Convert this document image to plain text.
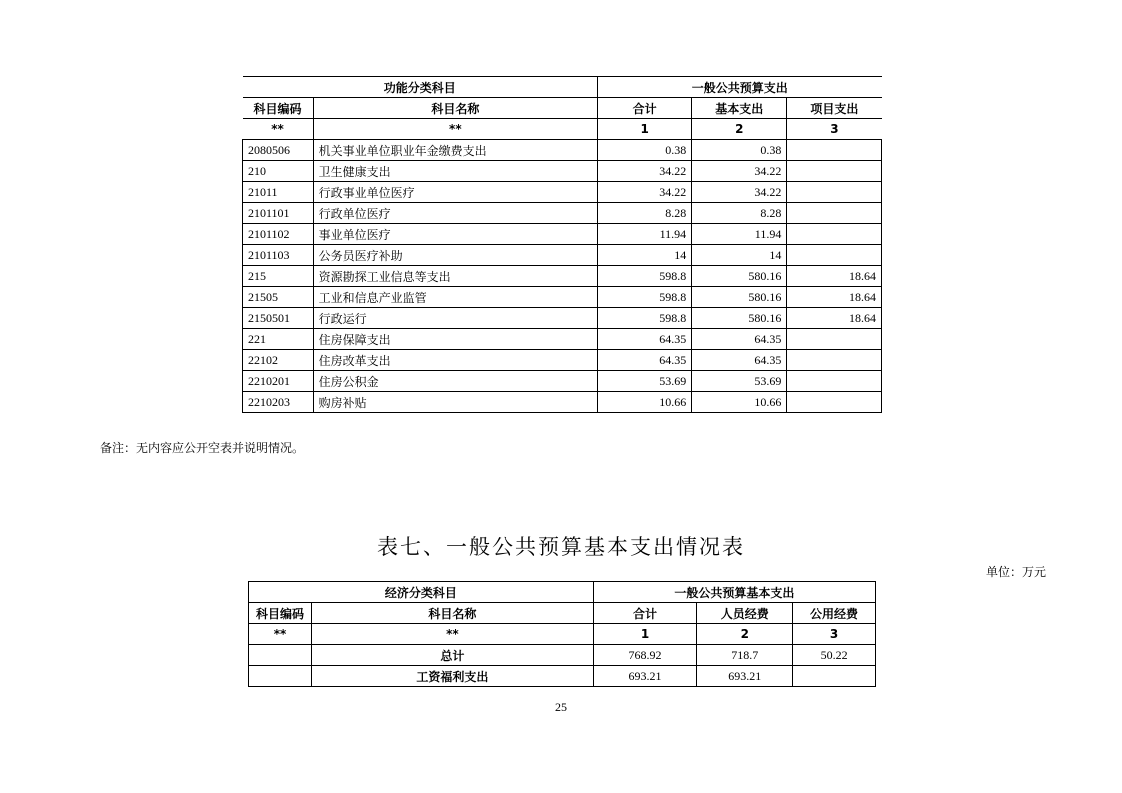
功能分类科目		一般公共预算支出		
科目编码	科目名称	合计	基本支出	项目支出
**	**	1	2	3
2080506	机关事业单位职业年金缴费支出	0.38	0.38	
210	卫生健康支出	34.22	34.22	
21011	行政事业单位医疗	34.22	34.22	
2101101	行政单位医疗	8.28	8.28	
2101102	事业单位医疗	11.94	11.94	
2101103	公务员医疗补助	14	14	
215	资源勘探工业信息等支出	598.8	580.16	18.64
21505	工业和信息产业监管	598.8	580.16	18.64
2150501	行政运行	598.8	580.16	18.64
221	住房保障支出	64.35	64.35	
22102	住房改革支出	64.35	64.35	
2210201	住房公积金	53.69	53.69	
2210203	购房补贴	10.66	10.66	
备注：无内容应公开空表并说明情况。
表七、一般公共预算基本支出情况表
单位：万元
经济分类科目		一般公共预算基本支出		
科目编码	科目名称	合计	人员经费	公用经费
**	**	1	2	3
	总计	768.92	718.7	50.22
	工资福利支出	693.21	693.21	
25
